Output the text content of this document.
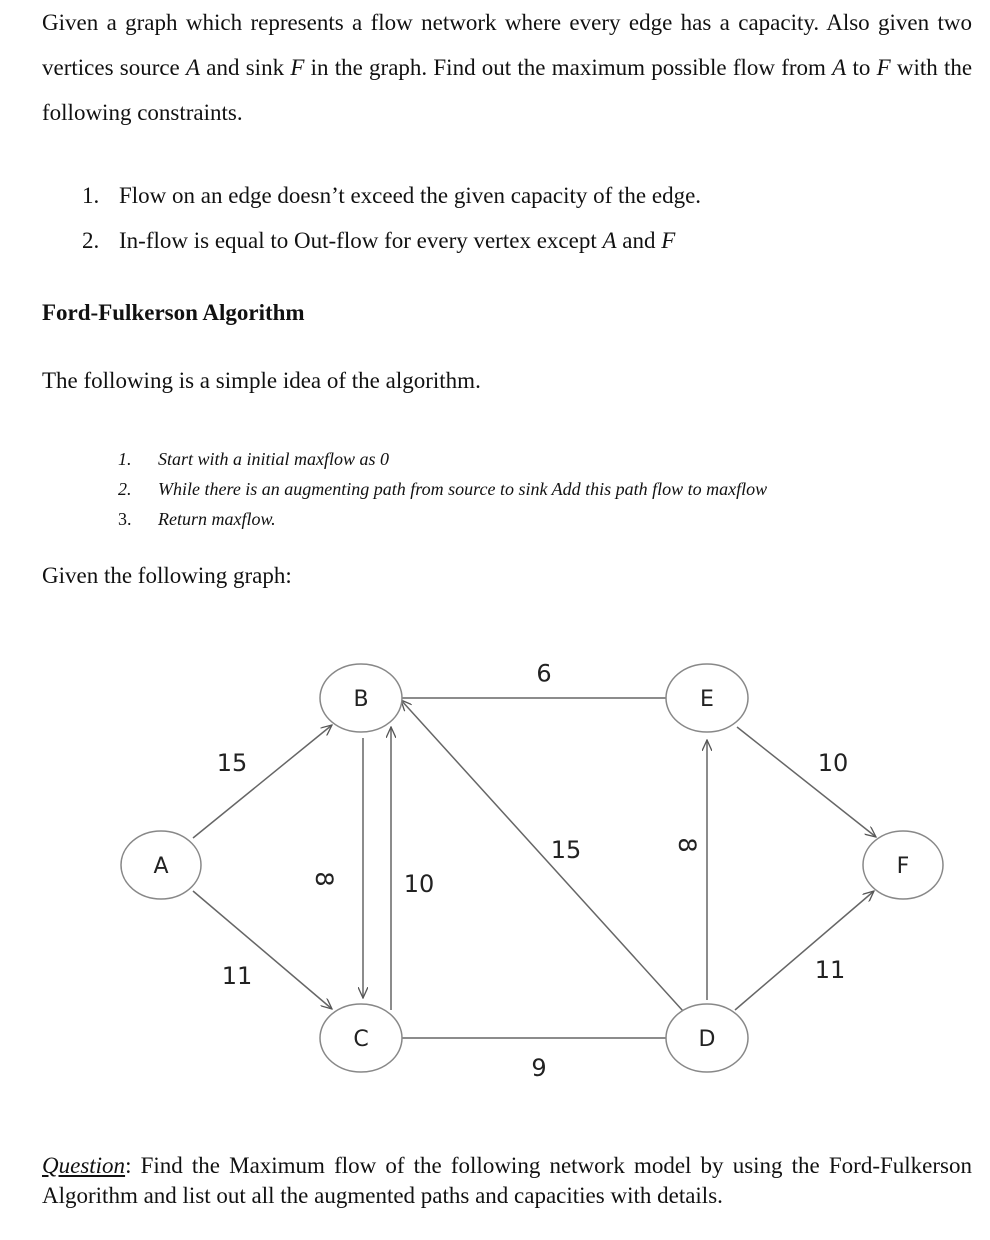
Given a graph which represents a flow network where every edge has a capacity. Also given two vertices source A and sink F in the graph. Find out the maximum possible flow from A to F with the following constraints.
1. Flow on an edge doesn’t exceed the given capacity of the edge.
2. In-flow is equal to Out-flow for every vertex except A and F
Ford-Fulkerson Algorithm
The following is a simple idea of the algorithm.
1.	Start with a initial maxflow as 0
2.	While there is an augmenting path from source to sink Add this path flow to maxflow
3.	Return maxflow.
Given the following graph:
A
B
C	D
E
F
15
11
8	10
9
15	8
9
10
11
Question: Find the Maximum flow of the following network model by using the Ford-Fulkerson Algorithm and list out all the augmented paths and capacities with details.
